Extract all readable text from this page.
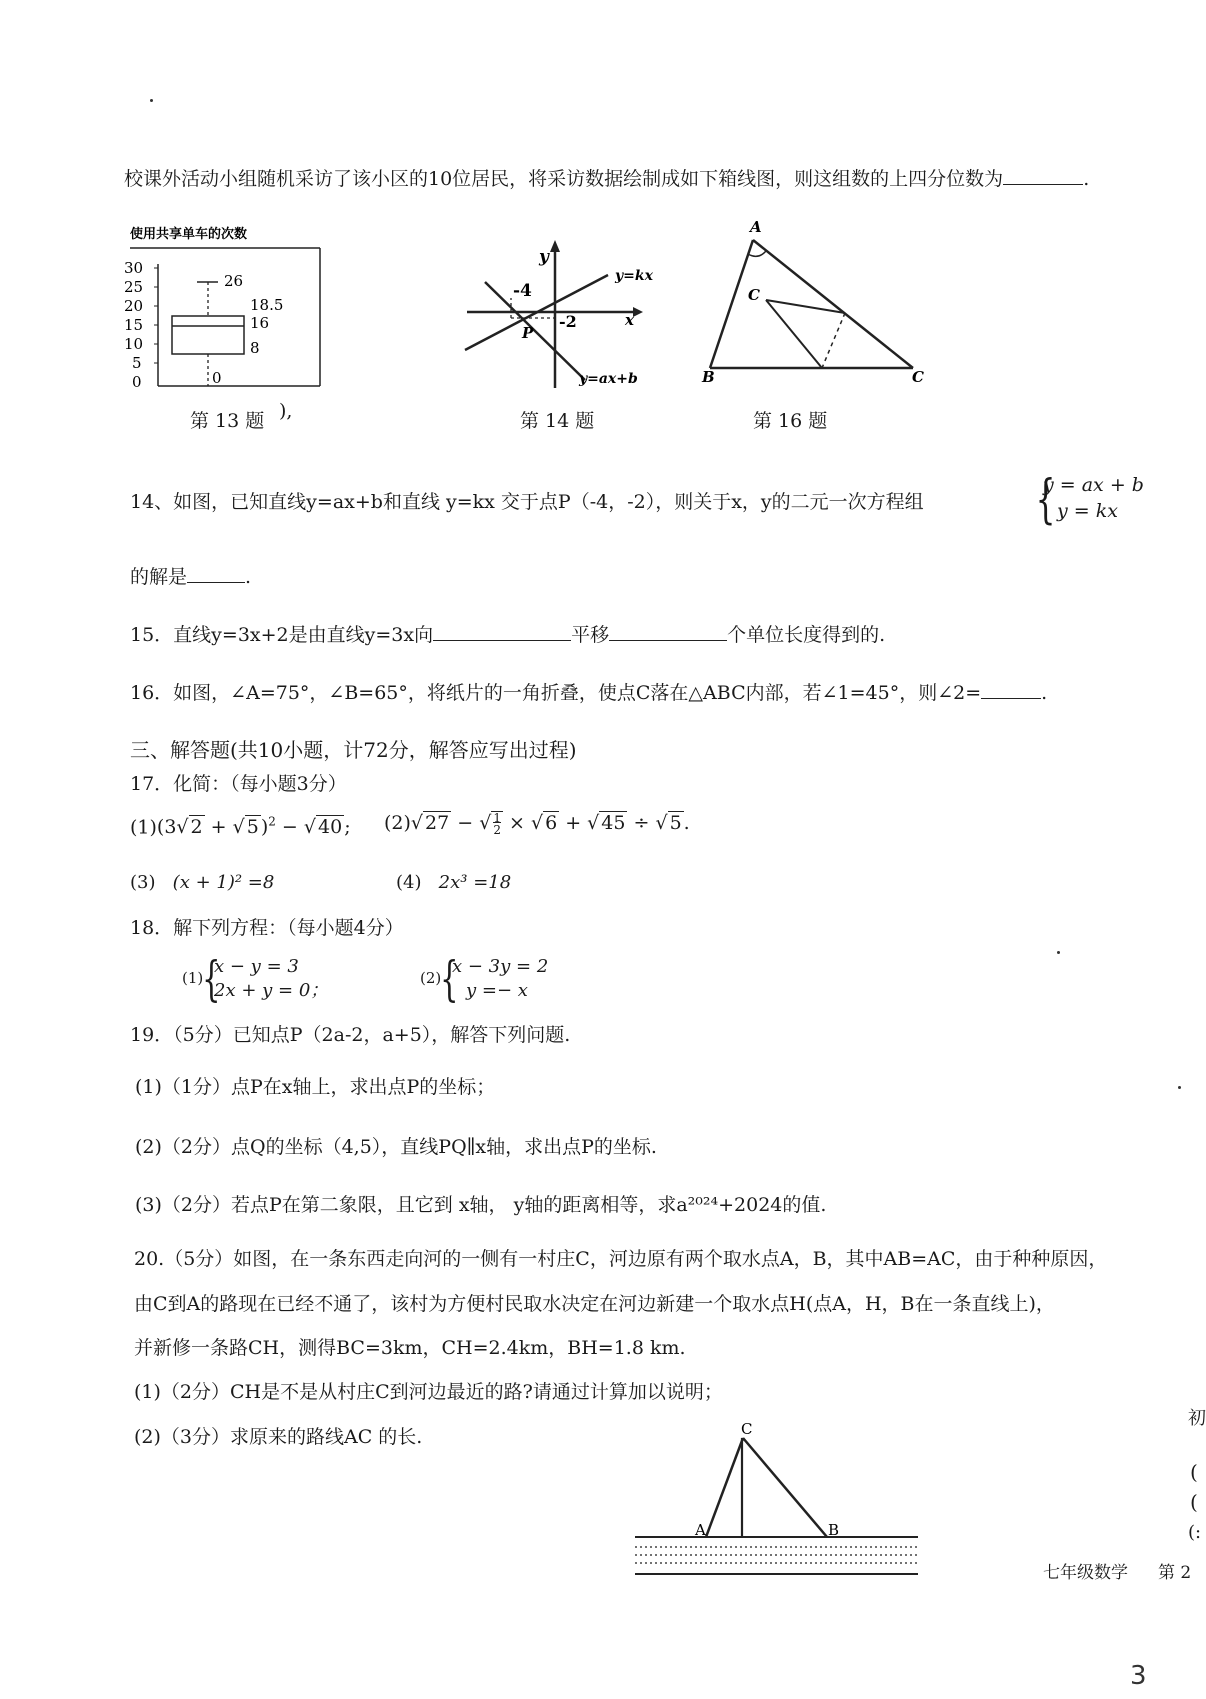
校课外活动小组随机采访了该小区的10位居民，将采访数据绘制成如下箱线图，则这组数的上四分位数为	.
使用共享单车的次数
30
25
20
15
10
5
0
26
18.5
16
8
0
第 13 题 ),
y
x
-4
-2
P
y=kx
y=ax+b
第 14 题
A
C
B	C
第 16 题
14、如图，已知直线y=ax+b和直线 y=kx 交于点P（-4，-2），则关于x，y的二元一次方程组 {
y = ax + b
y = kx
的解是	.
15．直线y=3x+2是由直线y=3x向	平移	个单位长度得到的.
16．如图，∠A=75°，∠B=65°，将纸片的一角折叠，使点C落在△ABC内部，若∠1=45°，则∠2=	.
三、解答题(共10小题，计72分，解答应写出过程)
17．化简：（每小题3分）
(1)(3√ 2 + √ 5 )$^2$ − √ 40 ; (2)√ 27 − √ 1
2 × √ 6 + √ 45 ÷ √ 5 .
(3) (x + 1)² =8	(4) 2x³ =18
18．解下列方程：（每小题4分）
(1)
{
x − y = 3
2x + y = 0；
(2)
{
x − 3y = 2
y =− x
19．（5分）已知点P（2a-2，a+5），解答下列问题.
(1)（1分）点P在x轴上，求出点P的坐标；
(2)（2分）点Q的坐标（4,5），直线PQ∥x轴，求出点P的坐标.
(3)（2分）若点P在第二象限，且它到 x轴， y轴的距离相等，求a²⁰²⁴+2024的值.
20.（5分）如图，在一条东西走向河的一侧有一村庄C，河边原有两个取水点A，B，其中AB=AC，由于种种原因，
由C到A的路现在已经不通了，该村为方便村民取水决定在河边新建一个取水点H(点A，H，B在一条直线上)，
并新修一条路CH，测得BC=3km，CH=2.4km，BH=1.8 km.
(1)（2分）CH是不是从村庄C到河边最近的路?请通过计算加以说明；
(2)（3分）求原来的路线AC 的长.	C
A	B
七年级数学 第 2
初
(
(
(:
3
